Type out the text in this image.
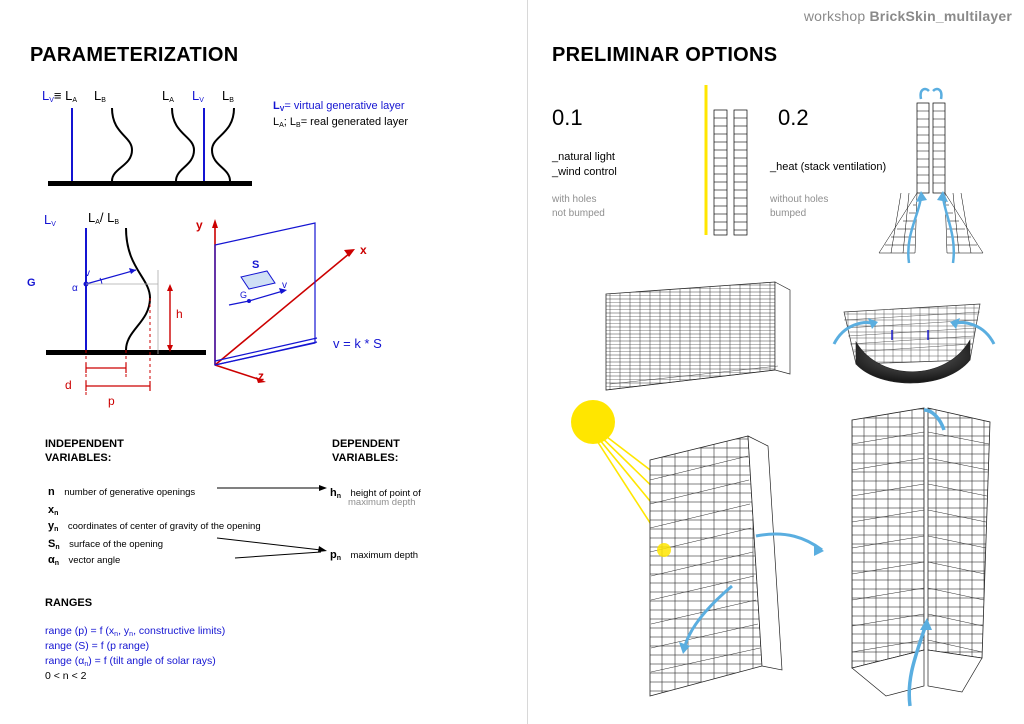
workshop BrickSkin_multilayer
PARAMETERIZATION	PRELIMINAR OPTIONS
$L_V\equiv L_A$ $L_B$	$L_A$ $L_V$ $L_B$	$L_V=$ virtual generative layer
$L_A$; $L_B=$ real generated layer
$L_V$ $L_A/$ $L_B$
G
v
α
h
d
p
y
x
z
S
G
v
v = k * S
INDEPENDENT
VARIABLES:
DEPENDENT
VARIABLES:
n number of generative openings
$x_n$
$y_n$ coordinates of center of gravity of the opening
$S_n$ surface of the opening
$\alpha_n$ vector angle
$h_n$ height of point of
maximum depth
$p_n$ maximum depth
RANGES
range (p) = f ($x_n$, $y_n$, constructive limits)
range (S) = f (p range)
range $(\alpha_n) = f$ (tilt angle of solar rays)
0 < n < 2
0.1
_natural light
_wind control
with holes
not bumped
0.2
_heat (stack ventilation)
without holes
bumped
